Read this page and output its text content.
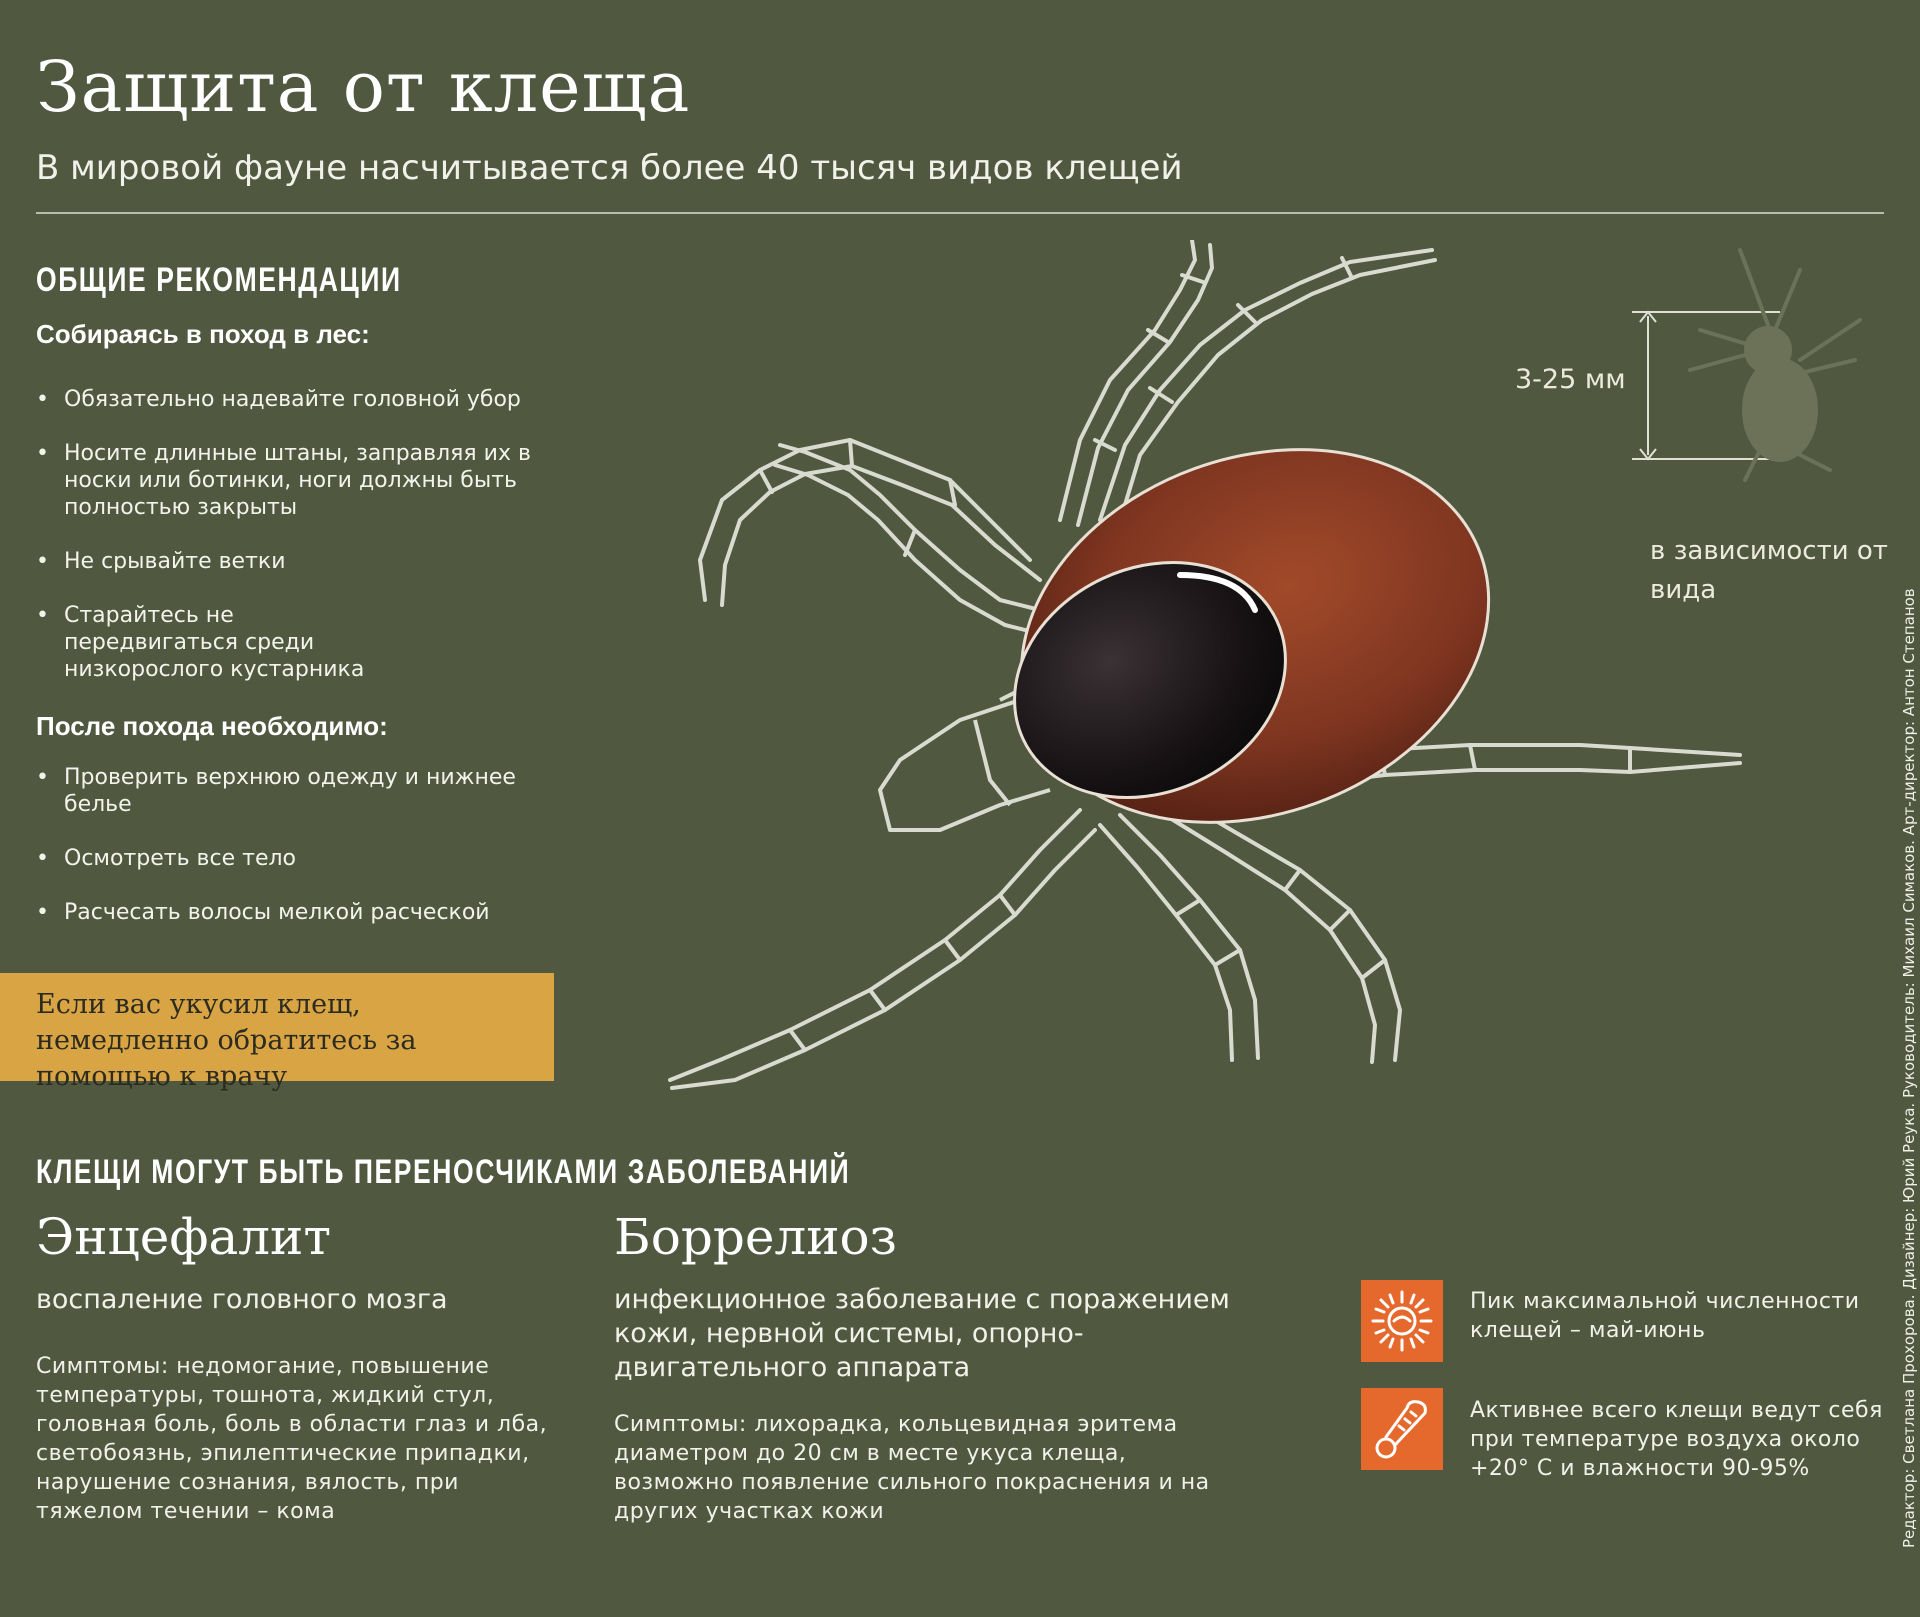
Защита от клеща
В мировой фауне насчитывается более 40 тысяч видов клещей
ОБЩИЕ РЕКОМЕНДАЦИИ

Собираясь в поход в лес:

• Обязательно надевайте головной убор
• Носите длинные штаны, заправляя их в носки или ботинки, ноги должны быть полностью закрыты
• Не срывайте ветки
• Старайтесь не передвигаться среди низкорослого кустарника

После похода необходимо:

• Проверить верхнюю одежду и нижнее белье
• Осмотреть все тело
• Расчесать волосы мелкой расческой
Если вас укусил клещ, немедленно обратитесь за помощью к врачу
3-25 мм
в зависимости от вида	Редактор: Светлана Прохорова. Дизайнер: Юрий Реука. Руководитель: Михаил Симаков. Арт-директор: Антон Степанов
КЛЕЩИ МОГУТ БЫТЬ ПЕРЕНОСЧИКАМИ ЗАБОЛЕВАНИЙ
Энцефалит
воспаление головного мозга
Симптомы: недомогание, повышение температуры, тошнота, жидкий стул, головная боль, боль в области глаз и лба, светобоязнь, эпилептические припадки, нарушение сознания, вялость, при тяжелом течении – кома
Боррелиоз
инфекционное заболевание с поражением кожи, нервной системы, опорно-двигательного аппарата
Симптомы: лихорадка, кольцевидная эритема диаметром до 20 см в месте укуса клеща, возможно появление сильного покраснения и на других участках кожи
Пик максимальной численности клещей – май-июнь
Активнее всего клещи ведут себя при температуре воздуха около +20° С и влажности 90-95%
